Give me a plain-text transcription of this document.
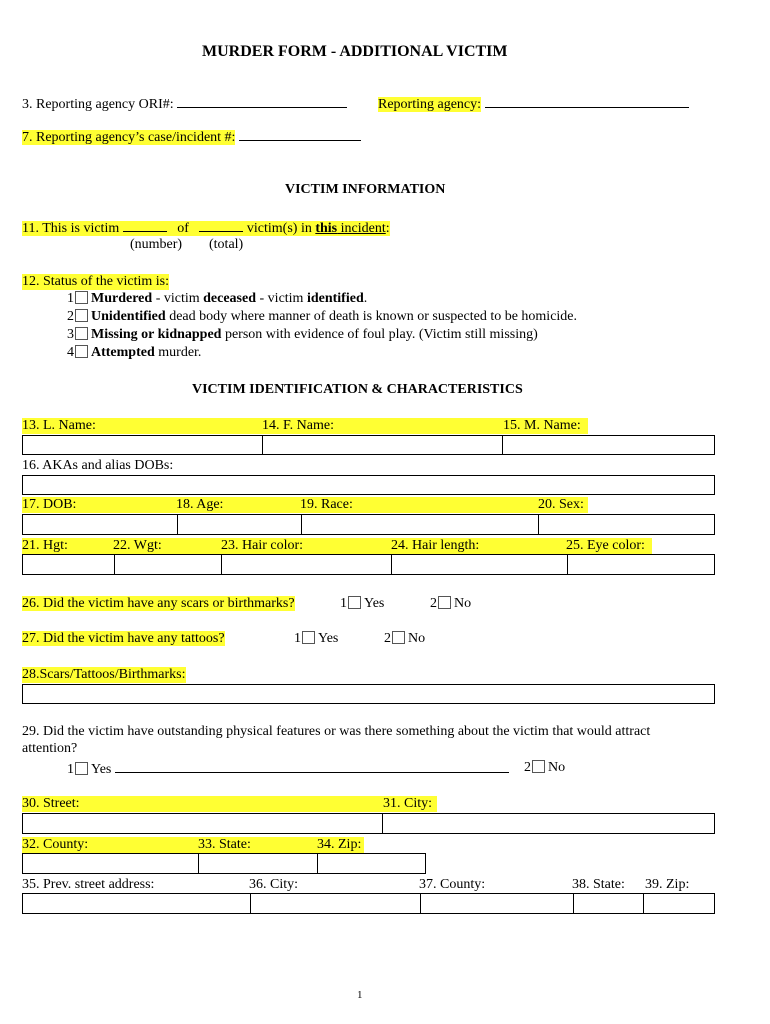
MURDER FORM - ADDITIONAL VICTIM
3. Reporting agency ORI#:	Reporting agency:
7. Reporting agency’s case/incident #:
VICTIM INFORMATION
11. This is victim	of	victim(s) in this incident:
(number) (total)
12. Status of the victim is:
1 Murdered - victim deceased - victim identified.
2 Unidentified dead body where manner of death is known or suspected to be homicide.
3 Missing or kidnapped person with evidence of foul play. (Victim still missing)
4 Attempted murder.
VICTIM IDENTIFICATION & CHARACTERISTICS
13. L. Name:	14. F. Name:	15. M. Name:
16. AKAs and alias DOBs:
17. DOB:	18. Age:	19. Race:	20. Sex:
21. Hgt:	22. Wgt:	23. Hair color:	24. Hair length:	25. Eye color:
26. Did the victim have any scars or birthmarks?	1 Yes	2 No
27. Did the victim have any tattoos?	1 Yes	2 No
28.Scars/Tattoos/Birthmarks:
29. Did the victim have outstanding physical features or was there something about the victim that would attract
attention?
1 Yes	2 No
30. Street:	31. City:
32. County:	33. State:	34. Zip:
35. Prev. street address:	36. City:	37. County:	38. State: 39. Zip:
1
